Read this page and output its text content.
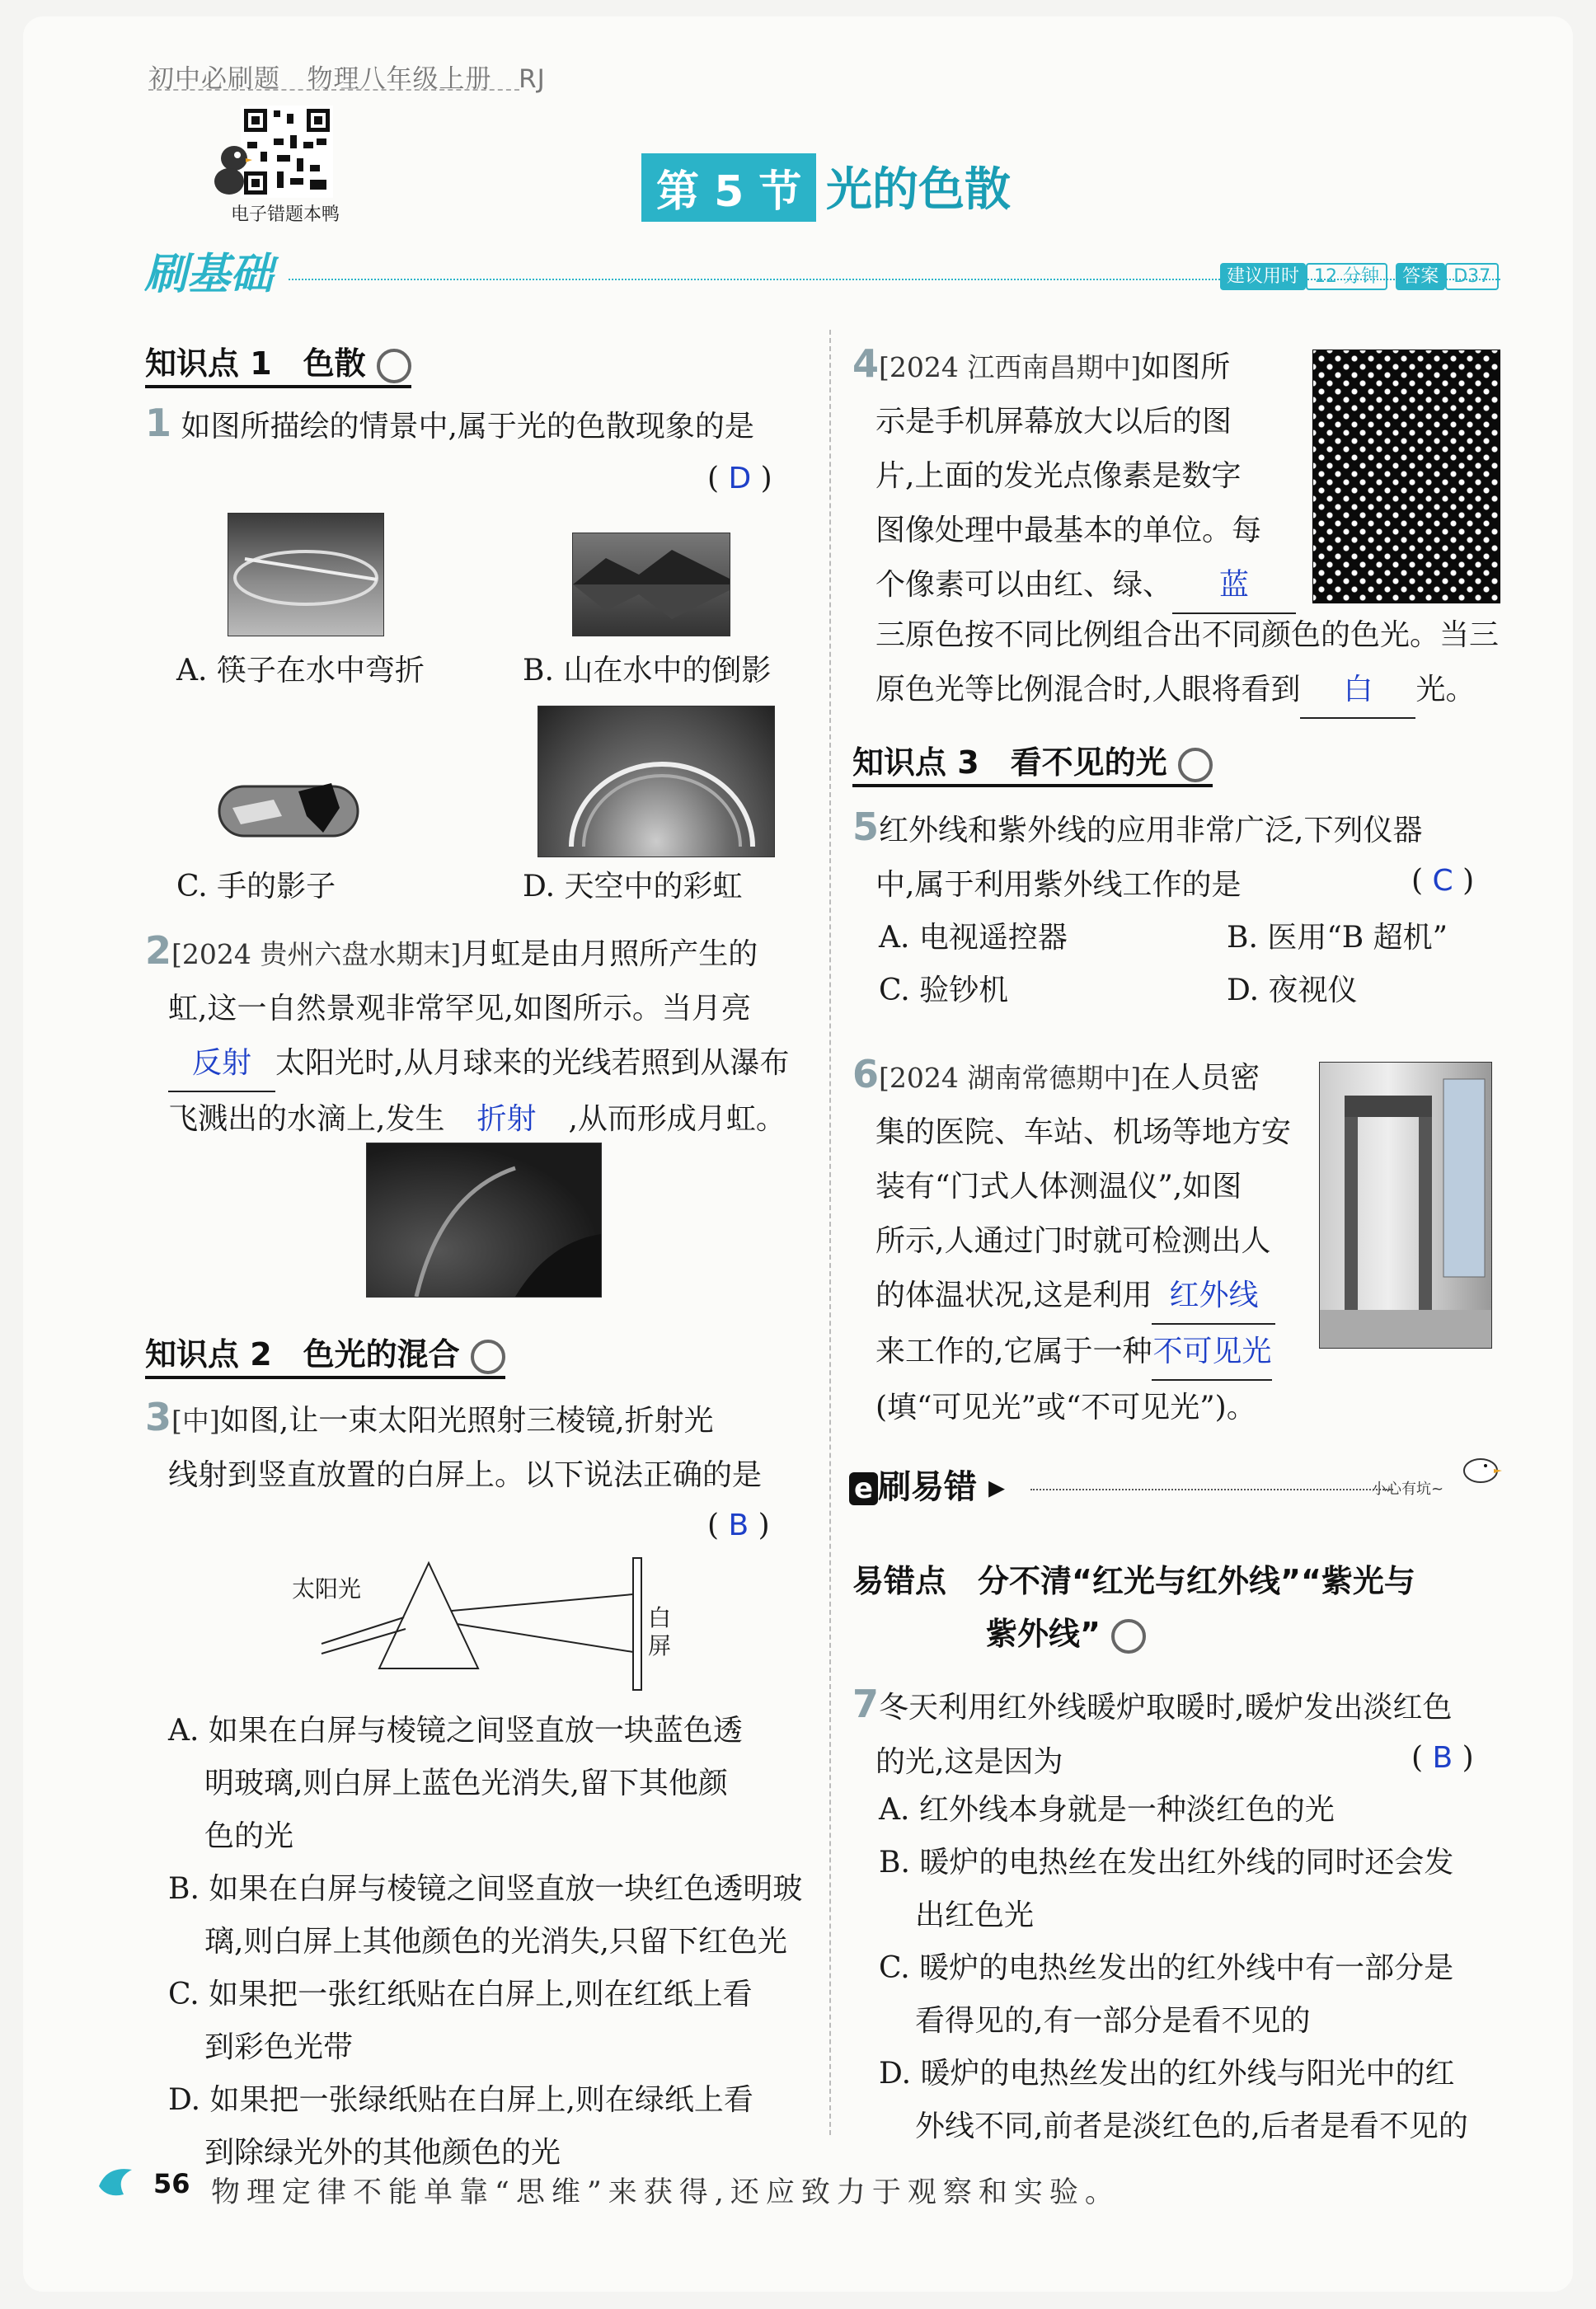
初中必刷题 物理八年级上册 RJ
电子错题本鸭	第 5 节 光的色散
刷基础	建议用时 12 分钟 答案 D37
知识点 1　色散
1 如图所描绘的情景中,属于光的色散现象的是
( D )
A. 筷子在水中弯折	B. 山在水中的倒影
C. 手的影子	D. 天空中的彩虹
2[2024 贵州六盘水期末]月虹是由月照所产生的
虹,这一自然景观非常罕见,如图所示。当月亮
反射 太阳光时,从月球来的光线若照到从瀑布
飞溅出的水滴上,发生 折射 ,从而形成月虹。
知识点 2　色光的混合
3[中]如图,让一束太阳光照射三棱镜,折射光
线射到竖直放置的白屏上。以下说法正确的是
( B )
太阳光
白
屏
A. 如果在白屏与棱镜之间竖直放一块蓝色透
明玻璃,则白屏上蓝色光消失,留下其他颜
色的光
B. 如果在白屏与棱镜之间竖直放一块红色透明玻
璃,则白屏上其他颜色的光消失,只留下红色光
C. 如果把一张红纸贴在白屏上,则在红纸上看
到彩色光带
D. 如果把一张绿纸贴在白屏上,则在绿纸上看
到除绿光外的其他颜色的光
4[2024 江西南昌期中]如图所
示是手机屏幕放大以后的图
片,上面的发光点像素是数字
图像处理中最基本的单位。每
个像素可以由红、绿、 蓝
三原色按不同比例组合出不同颜色的色光。当三
原色光等比例混合时,人眼将看到 白 光。
知识点 3　看不见的光
5红外线和紫外线的应用非常广泛,下列仪器
中,属于利用紫外线工作的是	( C )
A. 电视遥控器	B. 医用“B 超机”
C. 验钞机	D. 夜视仪
6[2024 湖南常德期中]在人员密
集的医院、车站、机场等地方安
装有“门式人体测温仪”,如图
所示,人通过门时就可检测出人
的体温状况,这是利用 红外线
来工作的,它属于一种不可见光
(填“可见光”或“不可见光”)。
e 刷易错 ▸	小心有坑~
易错点　分不清“红光与红外线”“紫光与
紫外线”
7冬天利用红外线暖炉取暖时,暖炉发出淡红色
的光,这是因为	( B )
A. 红外线本身就是一种淡红色的光
B. 暖炉的电热丝在发出红外线的同时还会发
出红色光
C. 暖炉的电热丝发出的红外线中有一部分是
看得见的,有一部分是看不见的
D. 暖炉的电热丝发出的红外线与阳光中的红
外线不同,前者是淡红色的,后者是看不见的
56 物理定律不能单靠“思维”来获得,还应致力于观察和实验。
